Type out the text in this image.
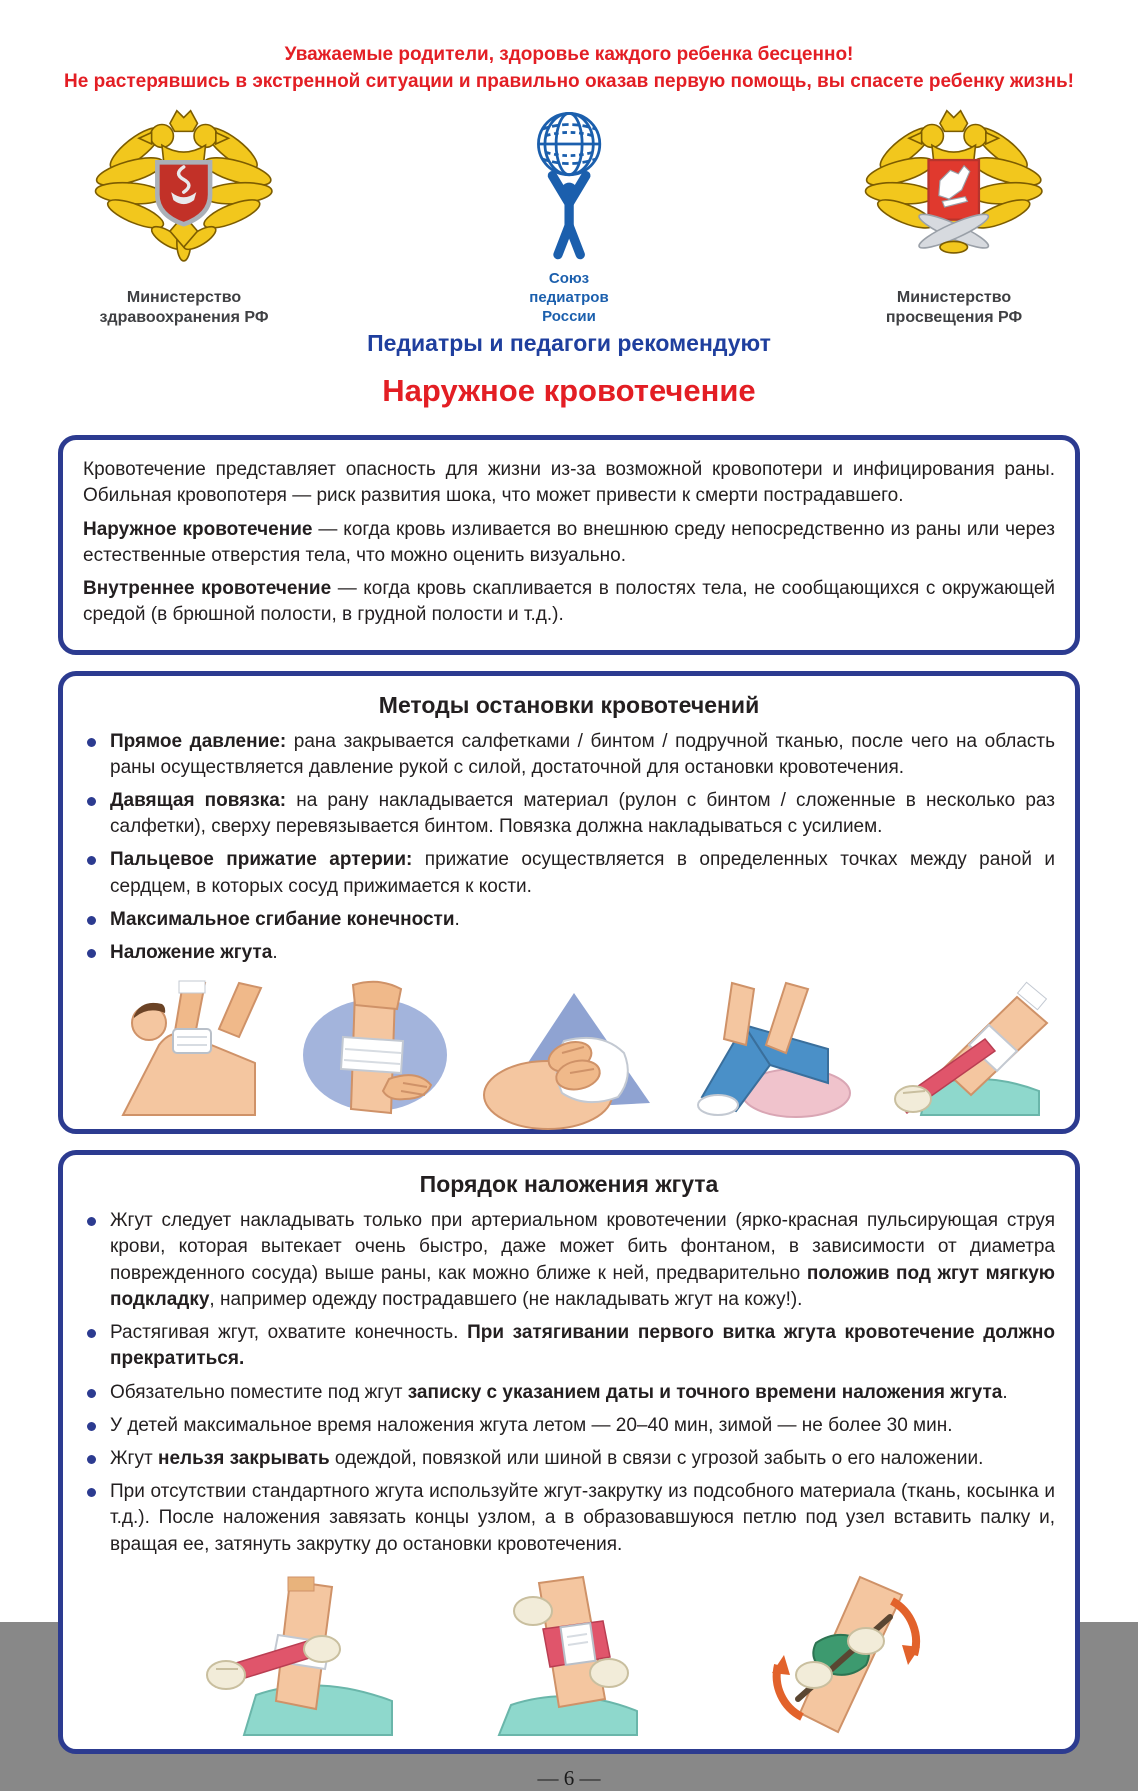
Уважаемые родители, здоровье каждого ребенка бесценно!
Не растерявшись в экстренной ситуации и правильно оказав первую помощь, вы спасете ребенку жизнь!
Министерство
здравоохранения РФ
Союз
педиатров
России
Министерство
просвещения РФ
Педиатры и педагоги рекомендуют
Наружное кровотечение

Кровотечение представляет опасность для жизни из-за возможной кровопотери и инфицирования раны. Обильная кровопотеря — риск развития шока, что может привести к смерти пострадавшего.

Наружное кровотечение — когда кровь изливается во внешнюю среду непосредственно из раны или через естественные отверстия тела, что можно оценить визуально.

Внутреннее кровотечение — когда кровь скапливается в полостях тела, не сообщающихся с окружающей средой (в брюшной полости, в грудной полости и т.д.).

Методы остановки кровотечений
Прямое давление: рана закрывается салфетками / бинтом / подручной тканью, после чего на область раны осуществляется давление рукой с силой, достаточной для остановки кровотечения.
Давящая повязка: на рану накладывается материал (рулон с бинтом / сложенные в несколько раз салфетки), сверху перевязывается бинтом. Повязка должна накладываться с усилием.
Пальцевое прижатие артерии: прижатие осуществляется в определенных точках между раной и сердцем, в которых сосуд прижимается к кости.
Максимальное сгибание конечности.
Наложение жгута.
Порядок наложения жгута
Жгут следует накладывать только при артериальном кровотечении (ярко-красная пульсирующая струя крови, которая вытекает очень быстро, даже может бить фонтаном, в зависимости от диаметра поврежденного сосуда) выше раны, как можно ближе к ней, предварительно положив под жгут мягкую подкладку, например одежду пострадавшего (не накладывать жгут на кожу!).
Растягивая жгут, охватите конечность. При затягивании первого витка жгута кровотечение должно прекратиться.
Обязательно поместите под жгут записку с указанием даты и точного времени наложения жгута.
У детей максимальное время наложения жгута летом — 20–40 мин, зимой — не более 30 мин.
Жгут нельзя закрывать одеждой, повязкой или шиной в связи с угрозой забыть о его наложении.
При отсутствии стандартного жгута используйте жгут-закрутку из подсобного материала (ткань, косынка и т.д.). После наложения завязать концы узлом, а в образовавшуюся петлю под узел вставить палку и, вращая ее, затянуть закрутку до остановки кровотечения.
— 6 —
